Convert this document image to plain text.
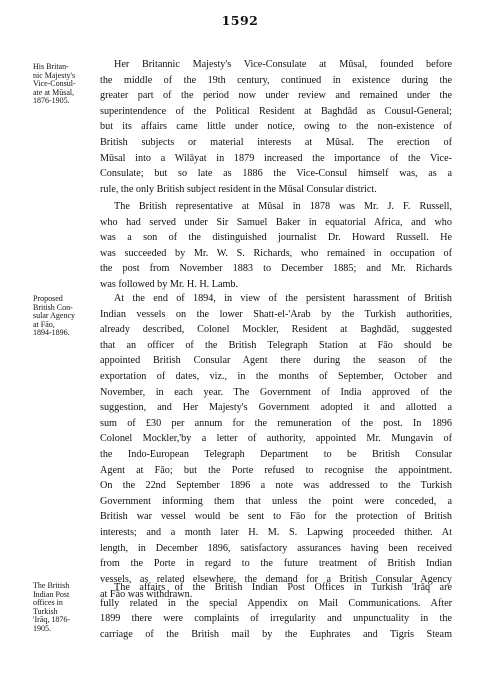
1592
His Britan-
nic Majesty's
Vice-Consul-
ate at Mūsal,
1876-1905.
Proposed
British Con-
sular Agency
at Fāo,
1894-1896.
The British
Indian Post
offices in
Turkish
'Irāq, 1876-
1905.
Her Britannic Majesty's Vice-Consulate at Mūsal, founded before
the middle of the 19th century, continued in existence during the
greater part of the period now under review and remained under the
superintendence of the Political Resident at Baghdād as Cousul-General;
but its affairs came little under notice, owing to the non-existence of
British subjects or material interests at Mūsal. The erection of
Mūsal into a Wilāyat in 1879 increased the importance of the Vice-
Consulate; but so late as 1886 the Vice-Consul himself was, as a
rule, the only British subject resident in the Mūsal Consular district.
The British representative at Mūsal in 1878 was Mr. J. F. Russell,
who had served under Sir Samuel Baker in equatorial Africa, and who
was a son of the distinguished journalist Dr. Howard Russell. He
was succeeded by Mr. W. S. Richards, who remained in occupation of
the post from November 1883 to December 1885; and Mr. Richards
was followed by Mr. H. H. Lamb.
At the end of 1894, in view of the persistent harassment of British
Indian vessels on the lower Shatt-el-'Arab by the Turkish authorities,
already described, Colonel Mockler, Resident at Baghdād, suggested
that an officer of the British Telegraph Station at Fāo should be
appointed British Consular Agent there during the season of the
exportation of dates, viz., in the months of September, October and
November, in each year. The Government of India approved of the
suggestion, and Her Majesty's Government adopted it and allotted a
sum of £30 per annum for the remuneration of the post. In 1896
Colonel Mockler,'by a letter of authority, appointed Mr. Mungavin of
the Indo-European Telegraph Department to be British Consular
Agent at Fāo; but the Porte refused to recognise the appointment.
On the 22nd September 1896 a note was addressed to the Turkish
Government informing them that unless the point were conceded, a
British war vessel would be sent to Fāo for the protection of British
interests; and a month later H. M. S. Lapwing proceeded thither. At
length, in December 1896, satisfactory assurances having been received
from the Porte in regard to the future treatment of British Indian
vessels, as related elsewhere, the demand for a British Consular Agency
at Fāo was withdrawn.
The affairs of the British Indian Post Offices in Turkish 'Irāq are
fully related in the special Appendix on Mail Communications. After
1899 there were complaints of irregularity and unpunctuality in the
carriage of the British mail by the Euphrates and Tigris Steam
